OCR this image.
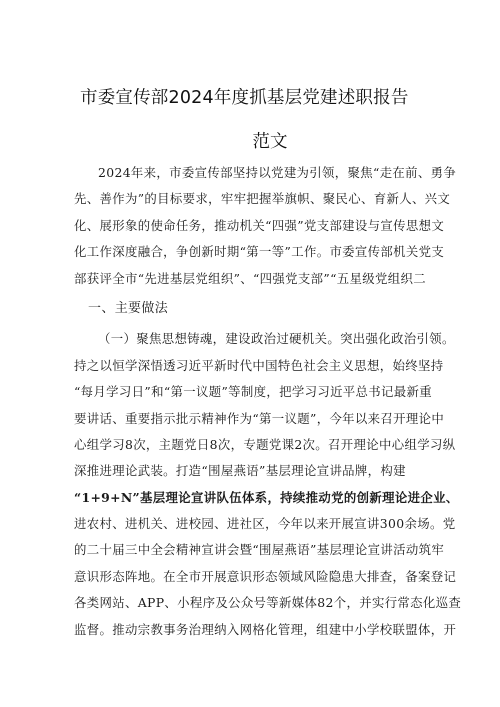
市委宣传部2024年度抓基层党建述职报告
范文
2024年来，市委宣传部坚持以党建为引领，聚焦“走在前、勇争
先、善作为”的目标要求，牢牢把握举旗帜、聚民心、育新人、兴文
化、展形象的使命任务，推动机关“四强”党支部建设与宣传思想文
化工作深度融合，争创新时期“第一等”工作。市委宣传部机关党支
部获评全市“先进基层党组织”、“四强党支部”“五星级党组织二
一、主要做法
（一）聚焦思想铸魂，建设政治过硬机关。突出强化政治引领。
持之以恒学深悟透习近平新时代中国特色社会主义思想，始终坚持
“每月学习日”和“第一议题”等制度，把学习习近平总书记最新重
要讲话、重要指示批示精神作为“第一议题”，今年以来召开理论中
心组学习8次，主题党日8次，专题党课2次。召开理论中心组学习纵
深推进理论武装。打造“围屋燕语”基层理论宣讲品牌，构建
“1+9+N”基层理论宣讲队伍体系，持续推动党的创新理论进企业、
进农村、进机关、进校园、进社区，今年以来开展宣讲300余场。党
的二十届三中全会精神宣讲会暨“围屋燕语”基层理论宣讲活动筑牢
意识形态阵地。在全市开展意识形态领域风险隐患大排查，备案登记
各类网站、APP、小程序及公众号等新媒体82个，并实行常态化巡查
监督。推动宗教事务治理纳入网格化管理，组建中小学校联盟体，开
